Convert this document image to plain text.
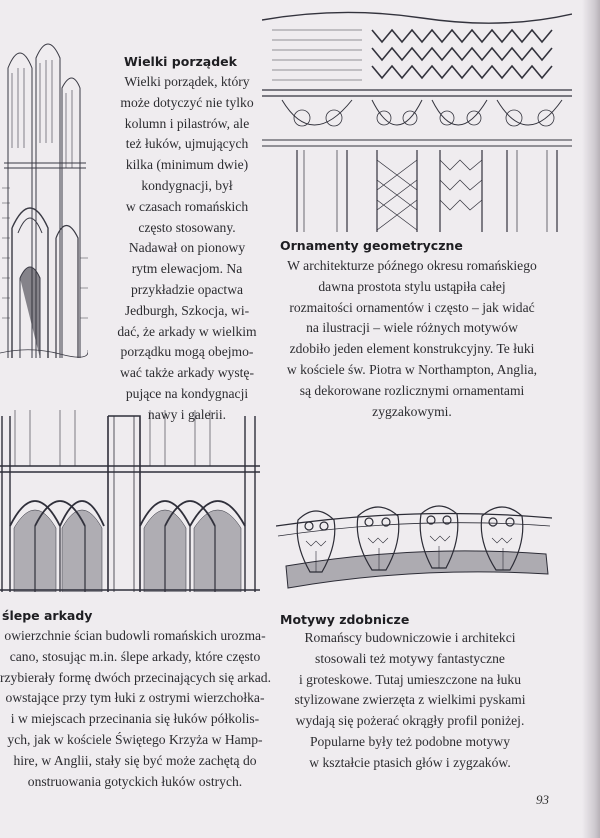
Wielki porządek
Wielki porządek, który
może dotyczyć nie tylko
kolumn i pilastrów, ale
też łuków, ujmujących
kilka (minimum dwie)
kondygnacji, był
w czasach romańskich
często stosowany.
Nadawał on pionowy
rytm elewacjom. Na
przykładzie opactwa
Jedburgh, Szkocja, wi-
dać, że arkady w wielkim
porządku mogą obejmo-
wać także arkady wystę-
pujące na kondygnacji
nawy i galerii.
Ornamenty geometryczne
W architekturze późnego okresu romańskiego
dawna prostota stylu ustąpiła całej
rozmaitości ornamentów i często – jak widać
na ilustracji – wiele różnych motywów
zdobiło jeden element konstrukcyjny. Te łuki
w kościele św. Piotra w Northampton, Anglia,
są dekorowane rozlicznymi ornamentami
zygzakowymi.
ślepe arkady
owierzchnie ścian budowli romańskich urozma-
cano, stosując m.in. ślepe arkady, które często
rzybierały formę dwóch przecinających się arkad.
owstające przy tym łuki z ostrymi wierzchołka-
i w miejscach przecinania się łuków półkolis-
ych, jak w kościele Świętego Krzyża w Hamp-
hire, w Anglii, stały się być może zachętą do
onstruowania gotyckich łuków ostrych.
Motywy zdobnicze
Romańscy budowniczowie i architekci
stosowali też motywy fantastyczne
i groteskowe. Tutaj umieszczone na łuku
stylizowane zwierzęta z wielkimi pyskami
wydają się pożerać okrągły profil poniżej.
Popularne były też podobne motywy
w kształcie ptasich głów i zygzaków.
93
